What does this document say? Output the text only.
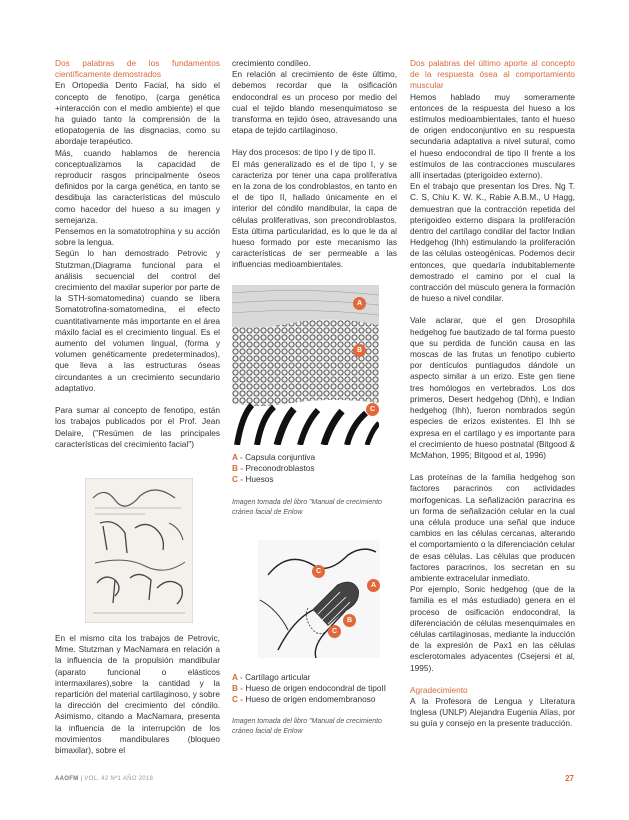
Dos palabras de los fundamentos científicamente demostrados

En Ortopedia Dento Facial, ha sido el concepto de fenotipo, (carga genética +interacción con el medio ambiente) el que ha guiado tanto la comprensión de la etiopatogenia de las disgnacias, como su abordaje terapéutico.

Más, cuando hablamos de herencia conceptualizamos la capacidad de reproducir rasgos principalmente óseos definidos por la carga genética, en tanto se desdibuja las características del músculo como hacedor del hueso a su imagen y semejanza.

Pensemos en la somatotrophina y su acción sobre la lengua.

Según lo han demostrado Petrovic y Stutzman,(Diagrama funcional para el análisis secuencial del control del crecimiento del maxilar superior por parte de la STH-somatomedina) cuando se libera Somatotrofina-somatomedina, el efecto cuantitativamente más importante en el área máxilo facial es el crecimiento lingual. Es el aumento del volumen lingual, (forma y volumen genéticamente predeterminados), que lleva a las estructuras óseas circundantes a un crecimiento secundario adaptativo.

Para sumar al concepto de fenotipo, están los trabajos publicados por el Prof. Jean Delaire, ("Resúmen de las principales características del crecimiento facial")

En el mismo cita los trabajos de Petrovic, Mme. Stutzman y MacNamara en relación a la influencia de la propulsión mandibular (aparato funcional o elásticos intermaxilares),sobre la cantidad y la repartición del material cartilaginoso, y sobre la dirección del crecimiento del cóndilo. Asimismo, citando a MacNamara, presenta la influencia de la interrupción de los movimientos mandibulares (bloqueo bimaxilar), sobre el

crecimiento condíleo.

En relación al crecimiento de éste último, debemos recordar que la osificación endocondral es un proceso por medio del cual el tejido blando mesenquimatoso se transforma en tejido óseo, atravesando una etapa de tejido cartilaginoso.

Hay dos procesos: de tipo I y de tipo II.

El más generalizado es el de tipo I, y se caracteriza por tener una capa proliferativa en la zona de los condroblastos, en tanto en el de tipo II, hallado únicamente en el interior del cóndilo mandibular, la capa de células proliferativas, son precondroblastos. Esta última particularidad, es lo que le da al hueso formado por este mecanismo las características de ser permeable a las influencias medioambientales.

A
B
C
A - Capsula conjuntiva
B - Preconodroblastos
C - Huesos
Imagen tomada del libro "Manual de crecimiento cráneo facial de Enlow
C
A
B
C
A - Cartílago articular
B - Hueso de origen endocondral de tipoII
C - Hueso de origen endomembranoso
Imagen tomada del libro "Manual de crecimiento cráneo facial de Enlow

Dos palabras del último aporte al concepto de la respuesta ósea al comportamiento muscular

Hemos hablado muy someramente entonces de la respuesta del hueso a los estímulos medioambientales, tanto el hueso de origen endoconjuntivo en su respuesta secundaria adaptativa a nivel sutural, como el hueso endocondral de tipo II frente a los estímulos de las contracciones musculares allí insertadas (pterigoideo externo).

En el trabajo que presentan los Dres. Ng T. C. S, Chiu K. W. K., Rabie A.B.M., U Hagg, demuestran que la contracción repetida del pterigoideo externo dispara la proliferación dentro del cartílago condilar del factor Indian Hedgehog (Ihh) estimulando la proliferación de las células osteogénicas. Podemos decir entonces, que quedaría indubitablemente demostrado el camino por el cual la contracción del músculo genera la formación de hueso a nivel condilar.

Vale aclarar, que el gen Drosophila hedgehog fue bautizado de tal forma puesto que su perdida de función causa en las moscas de las frutas un fenotipo cubierto por dentículos puntiagudos dándole un aspecto similar a un erizo. Este gen tiene tres homólogos en vertebrados. Los dos primeros, Desert hedgehog (Dhh), e Indian hedgehog (Ihh), fueron nombrados según especies de erizos existentes. El Ihh se expresa en el cartílago y es importante para el crecimiento de hueso postnatal (Bitgood & McMahon, 1995; Bitgood et al, 1996)

Las proteínas de la familia hedgehog son factores paracrinos con actividades morfogenicas. La señalización paracrina es un forma de señalización celular en la cual una célula produce una señal que induce cambios en las células cercanas, alterando el comportamiento o la diferenciación celular de esas células. Las células que producen factores paracrinos, los secretan en su ambiente extracelular inmediato.

Por ejemplo, Sonic hedgehog (que de la familia es el más estudiado) genera en el proceso de osificación endocondral, la diferenciación de células mesenquimales en células cartilaginosas, mediante la inducción de la expresión de Pax1 en las células esclerotomales adyacentes (Csejersi et al, 1995).

Agradecimiento

A la Profesora de Lengua y Literatura Inglesa (UNLP) Alejandra Eugenia Alías, por su guía y consejo en la presente traducción.

AAOFM | VOL. 42 Nº1 AÑO 2018	27
